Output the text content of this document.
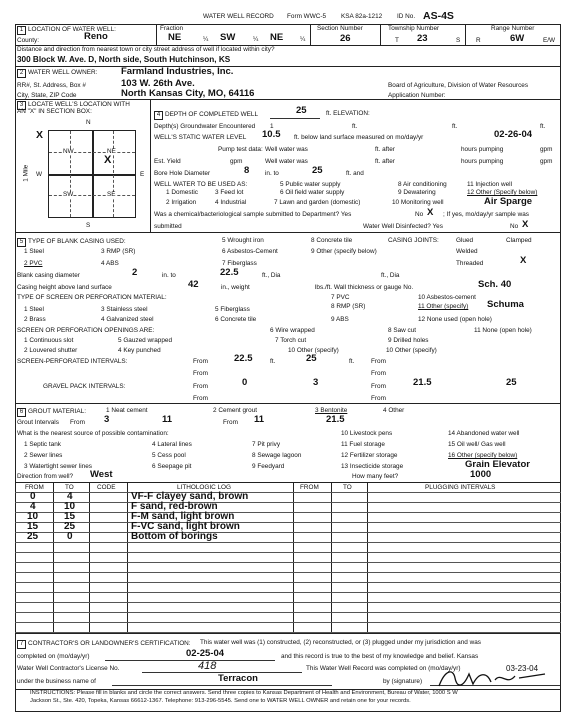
WATER WELL RECORD Form WWC-5 KSA 82a-1212 ID No. AS-4S
1 LOCATION OF WATER WELL:
County:	Reno
Fraction
NE	¼ SW	¼ NE	¼
Section Number
26
Township Number
T 23	S
Range Number
R	6W	E/W
Distance and direction from nearest town or city street address of well if located within city?
300 Block W. Ave. D, North side, South Hutchinson, KS
2 WATER WELL OWNER: Farmland Industries, Inc.
RR#, St. Address, Box #	103 W. 26th Ave.
City, State, ZIP Code	North Kansas City, MO, 64116
Board of Agriculture, Division of Water Resources
Application Number:
3 LOCATE WELL'S LOCATION WITH
AN "X" IN SECTION BOX:
N
S
W	E
X
1 Mile
NW	NE
SW	SE
X
4 DEPTH OF COMPLETED WELL	25	ft. ELEVATION:
Depth(s) Groundwater Encountered 1	ft.	ft.	ft.
WELL'S STATIC WATER LEVEL 10.5 ft. below land surface measured on mo/day/yr	02-26-04
Pump test data: Well water was	ft. after	hours pumping	gpm
Est. Yield	gpm	Well water was	ft. after	hours pumping	gpm
Bore Hole Diameter	8 in. to	25	ft. and
WELL WATER TO BE USED AS:	5 Public water supply	8 Air conditioning	11 Injection well
1 Domestic	3 Feed lot	6 Oil field water supply	9 Dewatering	12 Other (Specify below)
2 Irrigation	4 Industrial	7 Lawn and garden (domestic)	10 Monitoring well	Air Sparge
Was a chemical/bacteriological sample submitted to Department? Yes	No X ; If yes, mo/day/yr sample was
submitted	Water Well Disinfected? Yes	No X
5 TYPE OF BLANK CASING USED:	5 Wrought iron	8 Concrete tile	CASING JOINTS:	Glued	Clamped
1 Steel	3 RMP (SR)	6 Asbestos-Cement	9 Other (specify below)	Welded
2 PVC	4 ABS	7 Fiberglass	Threaded	X
Blank casing diameter	2	in. to	22.5	ft., Dia	ft., Dia
Casing height above land surface	42	in., weight	lbs./ft. Wall thickness or gauge No.	Sch. 40
TYPE OF SCREEN OR PERFORATION MATERIAL:	7 PVC	10 Asbestos-cement
8 RMP (SR)	11 Other (specify) Schuma
1 Steel	3 Stainless steel	5 Fiberglass
2 Brass	4 Galvanized steel	6 Concrete tile	9 ABS	12 None used (open hole)
SCREEN OR PERFORATION OPENINGS ARE:	6 Wire wrapped	8 Saw cut	11 None (open hole)
1 Continuous slot	5 Gauzed wrapped	7 Torch cut	9 Drilled holes
2 Louvered shutter	4 Key punched	10 Other (specify)	10 Other (specify)
SCREEN-PERFORATED INTERVALS:	From	22.5	ft.	25	ft.	From
From	From
GRAVEL PACK INTERVALS:	From	0	3	From	21.5	25
From	From
6 GROUT MATERIAL:	1 Neat cement	2 Cement grout	3 Bentonite	4 Other
Grout Intervals From 3	11	From 11	21.5
What is the nearest source of possible contamination:	10 Livestock pens	14 Abandoned water well
1 Septic tank	4 Lateral lines	7 Pit privy	11 Fuel storage	15 Oil well/ Gas well
2 Sewer lines	5 Cess pool	8 Sewage lagoon	12 Fertilizer storage	16 Other (specify below)
3 Watertight sewer lines	6 Seepage pit	9 Feedyard	13 Insecticide storage	Grain Elevator
Direction from well? West	How many feet?	1000
FROM	TO	CODE	LITHOLOGIC LOG	FROM	TO	PLUGGING INTERVALS
0	4	VF-F clayey sand, brown
4	10	F sand, red-brown
10	15	F-M sand, light brown
15	25	F-VC sand, light brown
25	0	Bottom of borings
7 CONTRACTOR'S OR LANDOWNER'S CERTIFICATION: This water well was (1) constructed, (2) reconstructed, or (3) plugged under my jurisdiction and was
completed on (mo/day/yr)	02-25-04	and this record is true to the best of my knowledge and belief. Kansas
Water Well Contractor's License No.	418	This Water Well Record was completed on (mo/day/yr)	03-23-04
under the business name of	Terracon	by (signature)
INSTRUCTIONS: Please fill in blanks and circle the correct answers. Send three copies to Kansas Department of Health and Environment, Bureau of Water, 1000 S W
Jackson St., Ste. 420, Topeka, Kansas 66612-1367. Telephone: 913-296-5545. Send one to WATER WELL OWNER and retain one for your records.
